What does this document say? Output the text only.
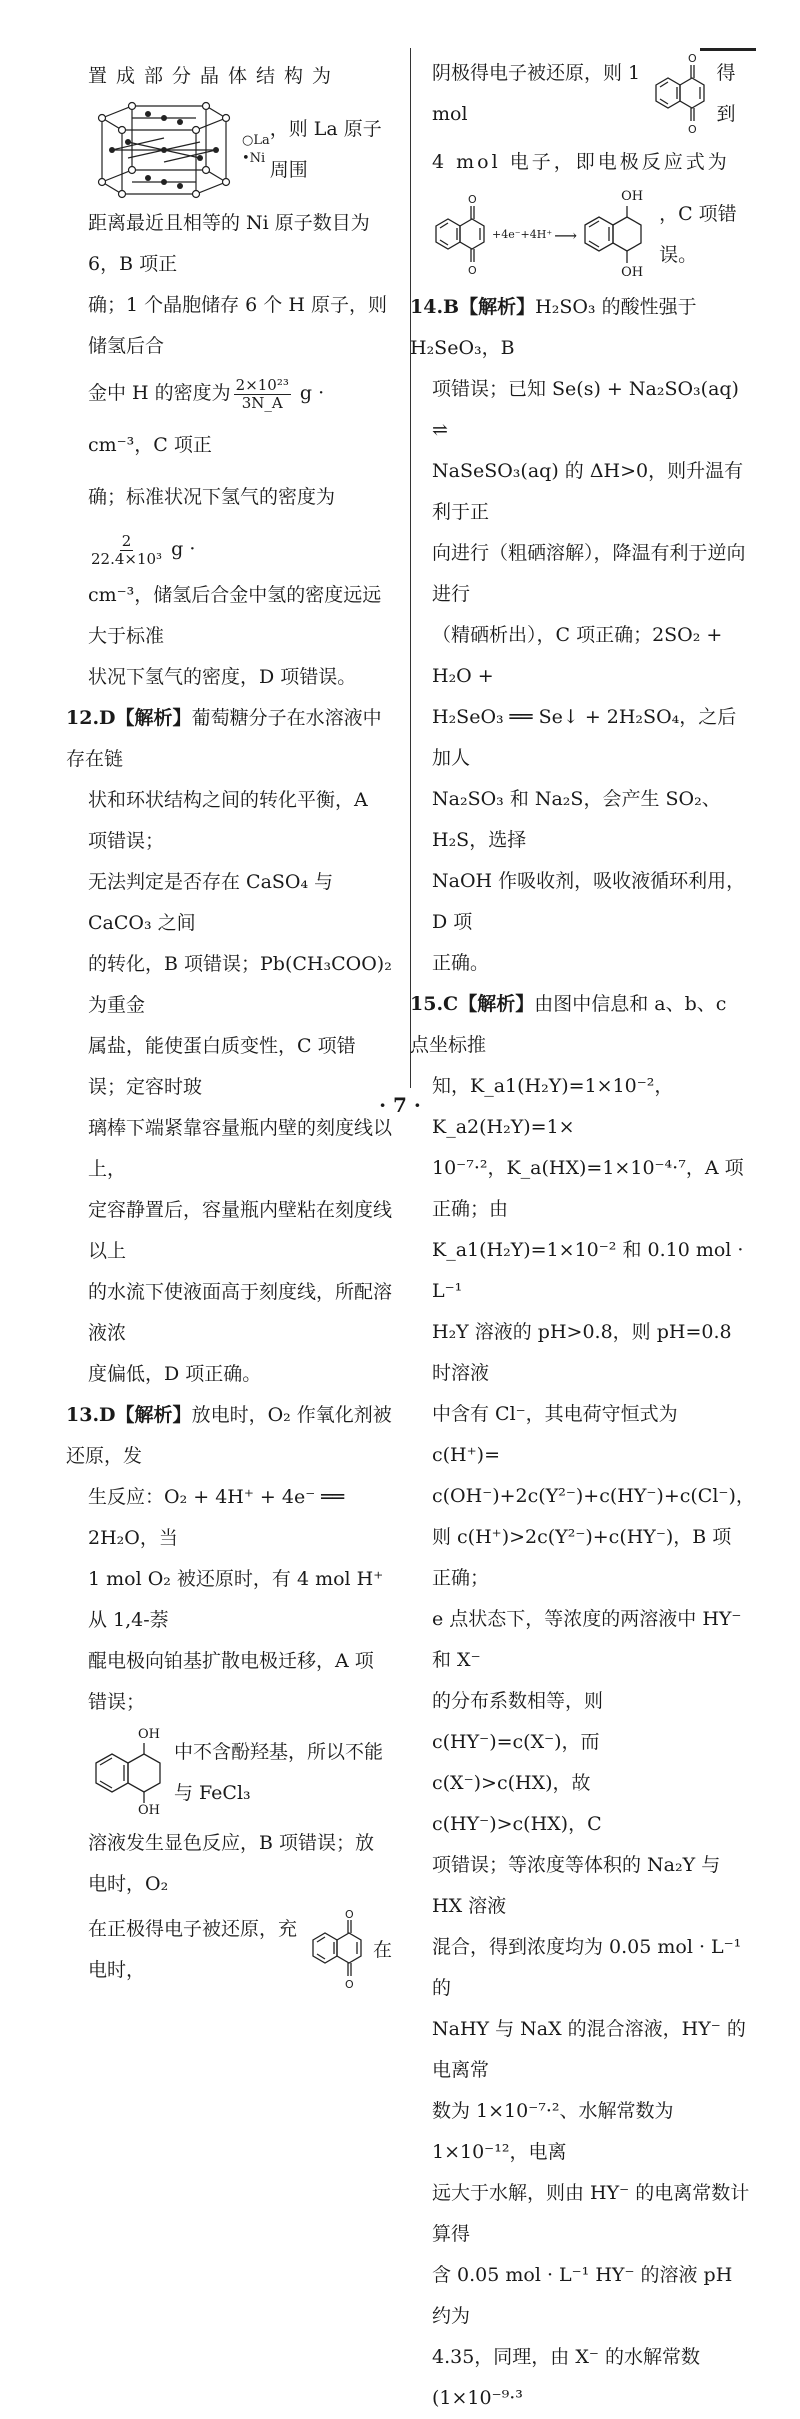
置成部分晶体结构为

○La
•Ni
，则 La 原子周围

距离最近且相等的 Ni 原子数目为 6，B 项正

确；1 个晶胞储存 6 个 H 原子，则储氢后合

金中 H 的密度为 $\frac{\text{2×10²³}}{3N\_A}$ g · cm⁻³，C 项正

确；标准状况下氢气的密度为
$\frac{2}{\text{22.4×10³}}$ g ·

cm⁻³，储氢后合金中氢的密度远远大于标准

状况下氢气的密度，D 项错误。

12.D【解析】葡萄糖分子在水溶液中存在链

状和环状结构之间的转化平衡，A 项错误；

无法判定是否存在 CaSO₄ 与 CaCO₃ 之间

的转化，B 项错误；Pb(CH₃COO)₂ 为重金

属盐，能使蛋白质变性，C 项错误；定容时玻

璃棒下端紧靠容量瓶内壁的刻度线以上，

定容静置后，容量瓶内壁粘在刻度线以上

的水流下使液面高于刻度线，所配溶液浓

度偏低，D 项正确。

13.D【解析】放电时，O₂ 作氧化剂被还原，发

生反应：O₂ + 4H⁺ + 4e⁻ ══ 2H₂O，当

1 mol O₂ 被还原时，有 4 mol H⁺ 从 1,4-萘

醌电极向铂基扩散电极迁移，A 项错误；

OH
OH
中不含酚羟基，所以不能与 FeCl₃

溶液发生显色反应，B 项错误；放电时，O₂

在正极得电子被还原，充电时，
O
O
在
阴极得电子被还原，则 1 mol
O
O
得到

4 mol 电子，即电极反应式为

O
O
+4e⁻+4H⁺ ⟶
OH
OH
，C 项错误。

14.B【解析】H₂SO₃ 的酸性强于 H₂SeO₃，B

项错误；已知 Se(s) + Na₂SO₃(aq) ⇌

NaSeSO₃(aq) 的 ΔH>0，则升温有利于正

向进行（粗硒溶解），降温有利于逆向进行

（精硒析出），C 项正确；2SO₂ + H₂O +

H₂SeO₃ ══ Se↓ + 2H₂SO₄，之后加人

Na₂SO₃ 和 Na₂S，会产生 SO₂、H₂S，选择

NaOH 作吸收剂，吸收液循环利用，D 项

正确。

15.C【解析】由图中信息和 a、b、c 点坐标推

知，K_a1(H₂Y)=1×10⁻²，K_a2(H₂Y)=1×

10⁻⁷·²，K_a(HX)=1×10⁻⁴·⁷，A 项正确；由

K_a1(H₂Y)=1×10⁻² 和 0.10 mol · L⁻¹

H₂Y 溶液的 pH>0.8，则 pH=0.8 时溶液

中含有 Cl⁻，其电荷守恒式为 c(H⁺)=

c(OH⁻)+2c(Y²⁻)+c(HY⁻)+c(Cl⁻)，

则 c(H⁺)>2c(Y²⁻)+c(HY⁻)，B 项正确；

e 点状态下，等浓度的两溶液中 HY⁻ 和 X⁻

的分布系数相等，则 c(HY⁻)=c(X⁻)，而

c(X⁻)>c(HX)，故 c(HY⁻)>c(HX)，C

项错误；等浓度等体积的 Na₂Y 与 HX 溶液

混合，得到浓度均为 0.05 mol · L⁻¹ 的

NaHY 与 NaX 的混合溶液，HY⁻ 的电离常

数为 1×10⁻⁷·²、水解常数为 1×10⁻¹²，电离

远大于水解，则由 HY⁻ 的电离常数计算得

含 0.05 mol · L⁻¹ HY⁻ 的溶液 pH 约为

4.35，同理，由 X⁻ 的水解常数(1×10⁻⁹·³

· 7 ·
